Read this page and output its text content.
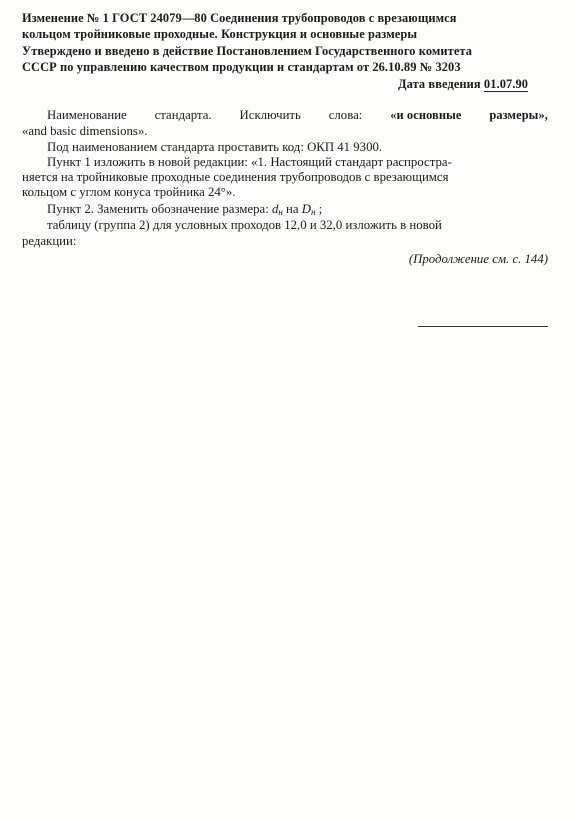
Изменение № 1 ГОСТ 24079—80 Соединения трубопроводов с врезающимся
кольцом тройниковые проходные. Конструкция и основные размеры
Утверждено и введено в действие Постановлением Государственного комитета
СССР по управлению качеством продукции и стандартам от 26.10.89 № 3203
Дата введения 01.07.90
Наименование стандарта. Исключить слова: «и основные размеры»,
«and basic dimensions».
Под наименованием стандарта проставить код: ОКП 41 9300.
Пункт 1 изложить в новой редакции: «1. Настоящий стандарт распростра-
няется на тройниковые проходные соединения трубопроводов с врезающимся
кольцом с углом конуса тройника 24°».
Пункт 2. Заменить обозначение размера: $d_н$ на $D_н$ ;
таблицу (группа 2) для условных проходов 12,0 и 32,0 изложить в новой
редакции:
(Продолжение см. с. 144)
